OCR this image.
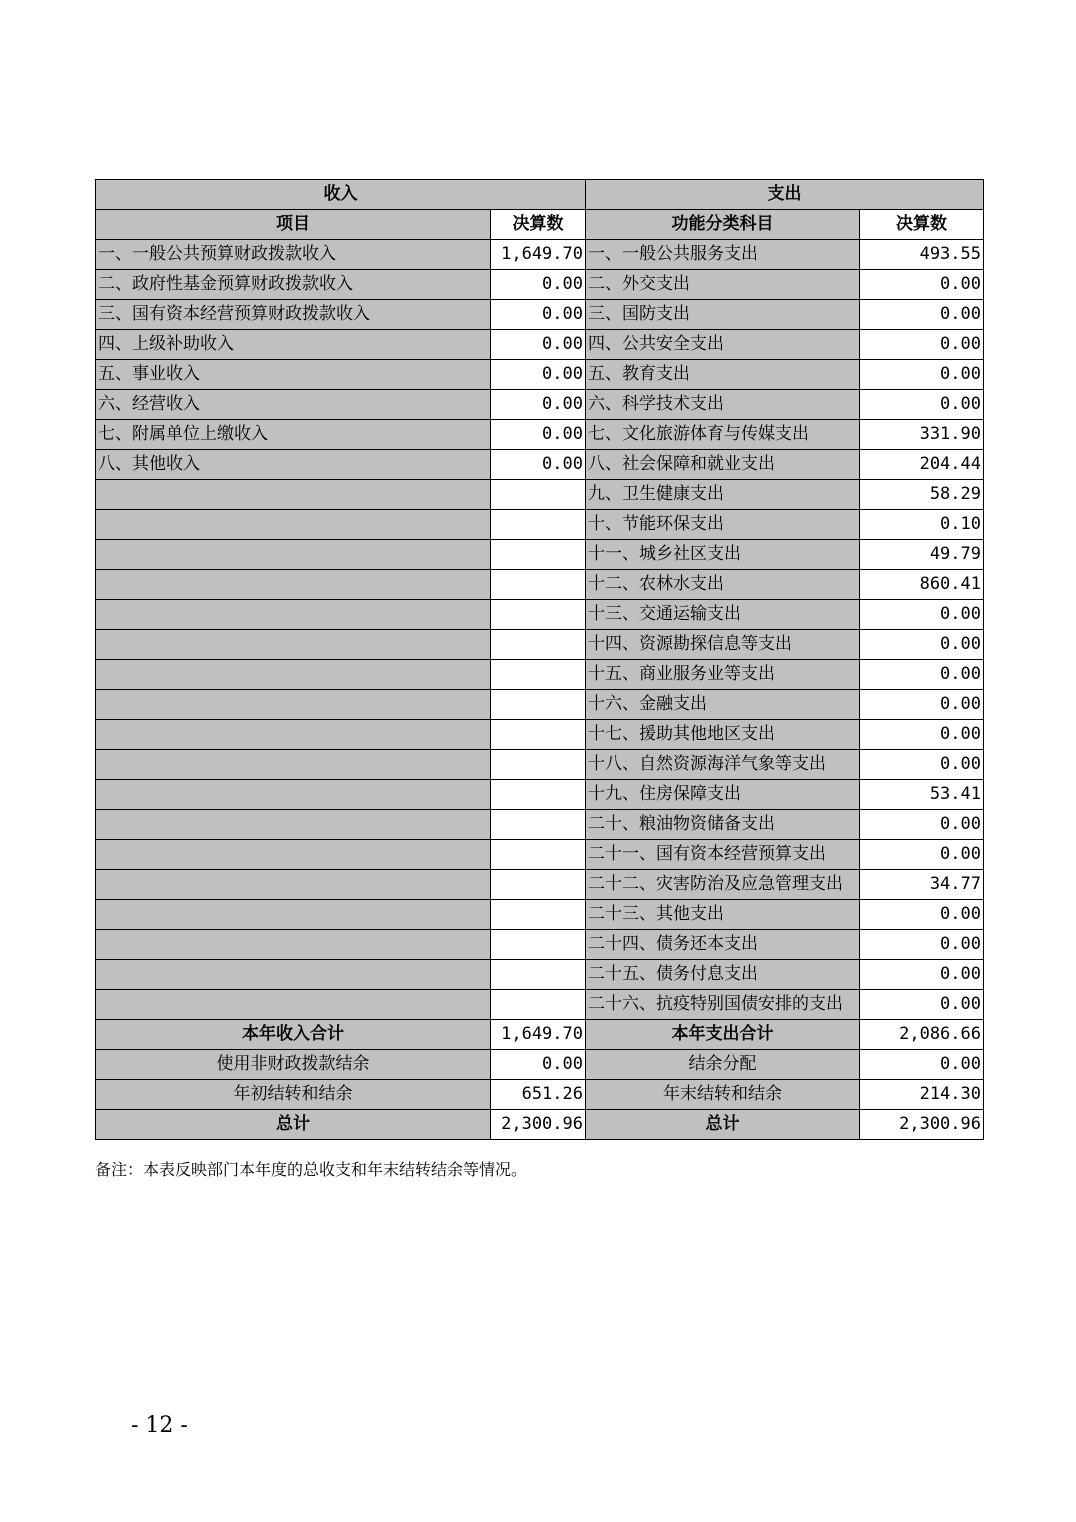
收入		支出	
项目	决算数	功能分类科目	决算数
一、一般公共预算财政拨款收入	1,649.70	一、一般公共服务支出	493.55
二、政府性基金预算财政拨款收入	0.00	二、外交支出	0.00
三、国有资本经营预算财政拨款收入	0.00	三、国防支出	0.00
四、上级补助收入	0.00	四、公共安全支出	0.00
五、事业收入	0.00	五、教育支出	0.00
六、经营收入	0.00	六、科学技术支出	0.00
七、附属单位上缴收入	0.00	七、文化旅游体育与传媒支出	331.90
八、其他收入	0.00	八、社会保障和就业支出	204.44
		九、卫生健康支出	58.29
		十、节能环保支出	0.10
		十一、城乡社区支出	49.79
		十二、农林水支出	860.41
		十三、交通运输支出	0.00
		十四、资源勘探信息等支出	0.00
		十五、商业服务业等支出	0.00
		十六、金融支出	0.00
		十七、援助其他地区支出	0.00
		十八、自然资源海洋气象等支出	0.00
		十九、住房保障支出	53.41
		二十、粮油物资储备支出	0.00
		二十一、国有资本经营预算支出	0.00
		二十二、灾害防治及应急管理支出	34.77
		二十三、其他支出	0.00
		二十四、债务还本支出	0.00
		二十五、债务付息支出	0.00
		二十六、抗疫特别国债安排的支出	0.00
本年收入合计	1,649.70	本年支出合计	2,086.66
使用非财政拨款结余	0.00	结余分配	0.00
年初结转和结余	651.26	年末结转和结余	214.30
总计	2,300.96	总计	2,300.96
备注：本表反映部门本年度的总收支和年末结转结余等情况。
- 12 -
